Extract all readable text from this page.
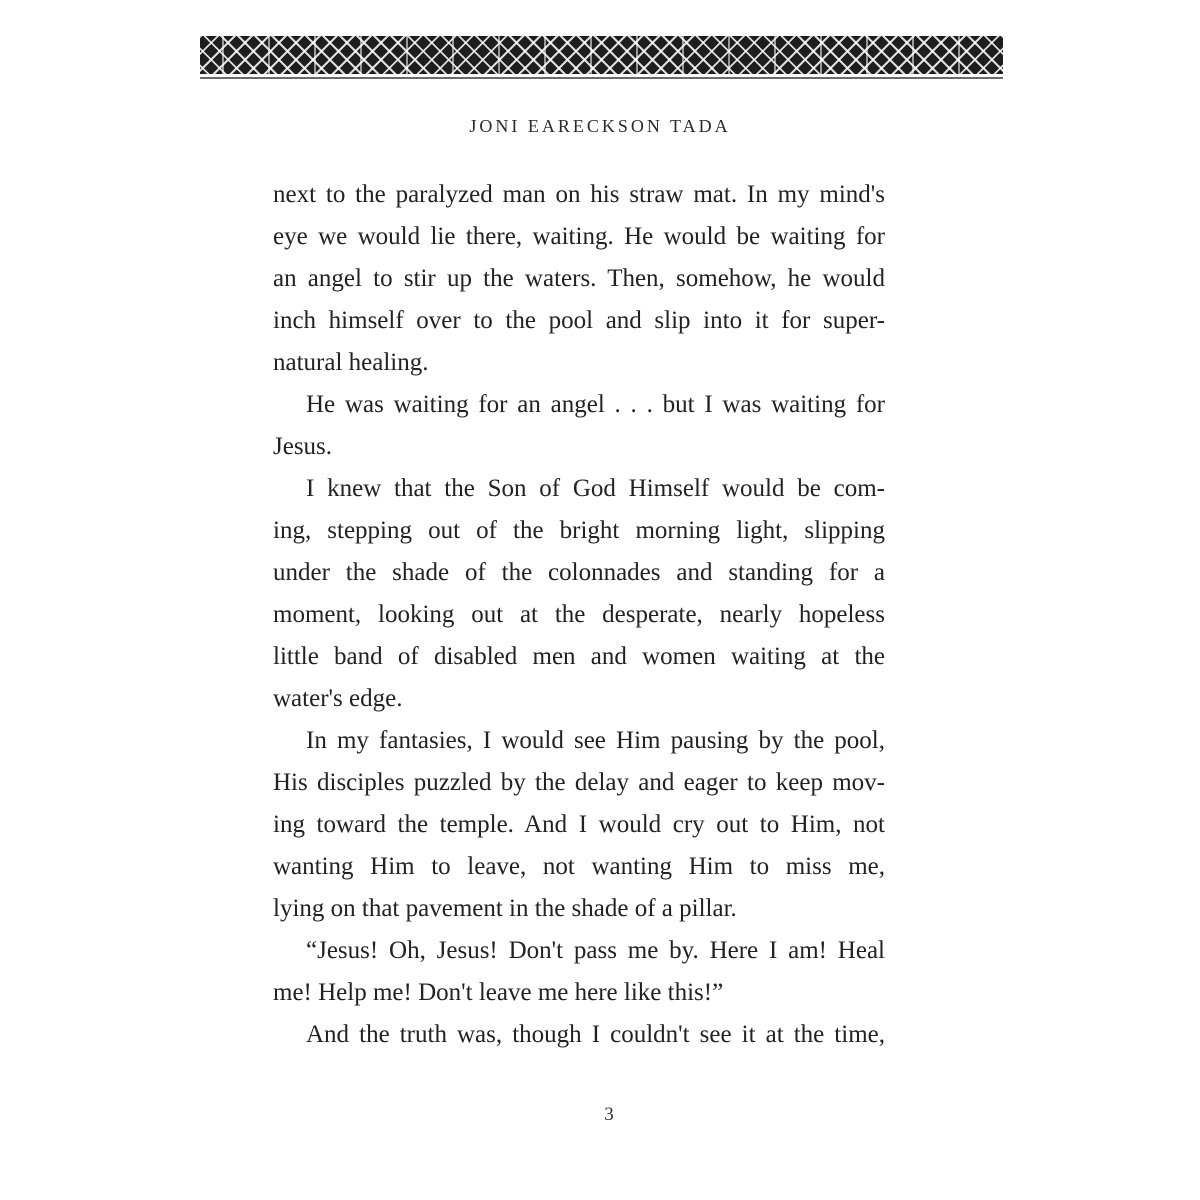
JONI EARECKSON TADA
next to the paralyzed man on his straw mat. In my mind's
eye we would lie there, waiting. He would be waiting for
an angel to stir up the waters. Then, somehow, he would
inch himself over to the pool and slip into it for super-
natural healing.
He was waiting for an angel . . . but I was waiting for
Jesus.
I knew that the Son of God Himself would be com-
ing, stepping out of the bright morning light, slipping
under the shade of the colonnades and standing for a
moment, looking out at the desperate, nearly hopeless
little band of disabled men and women waiting at the
water's edge.
In my fantasies, I would see Him pausing by the pool,
His disciples puzzled by the delay and eager to keep mov-
ing toward the temple. And I would cry out to Him, not
wanting Him to leave, not wanting Him to miss me,
lying on that pavement in the shade of a pillar.
“Jesus! Oh, Jesus! Don't pass me by. Here I am! Heal
me! Help me! Don't leave me here like this!”
And the truth was, though I couldn't see it at the time,
3
